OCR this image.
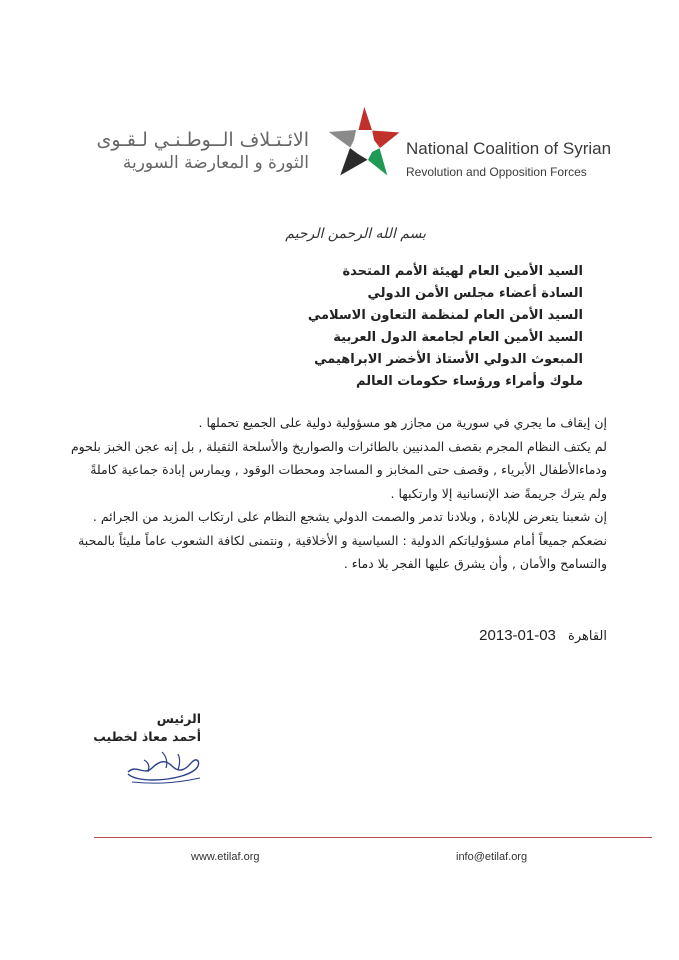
الائـتـلاف الــوطـنـي لـقـوى
الثورة و المعارضة السورية
National Coalition of Syrian
Revolution and Opposition Forces
بسم الله الرحمن الرحيم
السيد الأمين العام لهيئة الأمم المتحدة
السادة أعضاء مجلس الأمن الدولي
السيد الأمن العام لمنظمة التعاون الاسلامي
السيد الأمين العام لجامعة الدول العربية
المبعوث الدولي الأستاذ الأخضر الابراهيمي
ملوك وأمراء ورؤساء حكومات العالم

إن إيقاف ما يجري في سورية من مجازر هو مسؤولية دولية على الجميع تحملها .

لم يكتف النظام المجرم بقصف المدنيين بالطائرات والصواريخ والأسلحة الثقيلة , بل إنه عجن الخبز بلحوم

ودماءالأطفال الأبرياء , وقصف حتى المخابز و المساجد ومحطات الوقود , ويمارس إبادة جماعية كاملةً

ولم يترك جريمةً ضد الإنسانية إلا وارتكبها .

إن شعبنا يتعرض للإبادة , وبلادنا تدمر والصمت الدولي يشجع النظام على ارتكاب المزيد من الجرائم .

نضعكم جميعاً أمام مسؤولياتكم الدولية : السياسية و الأخلاقية , ونتمنى لكافة الشعوب عاماً مليئاً بالمحبة

والتسامح والأمان , وأن يشرق عليها الفجر بلا دماء .

القاهرة 2013-01-03
الرئيس
أحمد معاذ لخطيب
www.etilaf.org	info@etilaf.org
